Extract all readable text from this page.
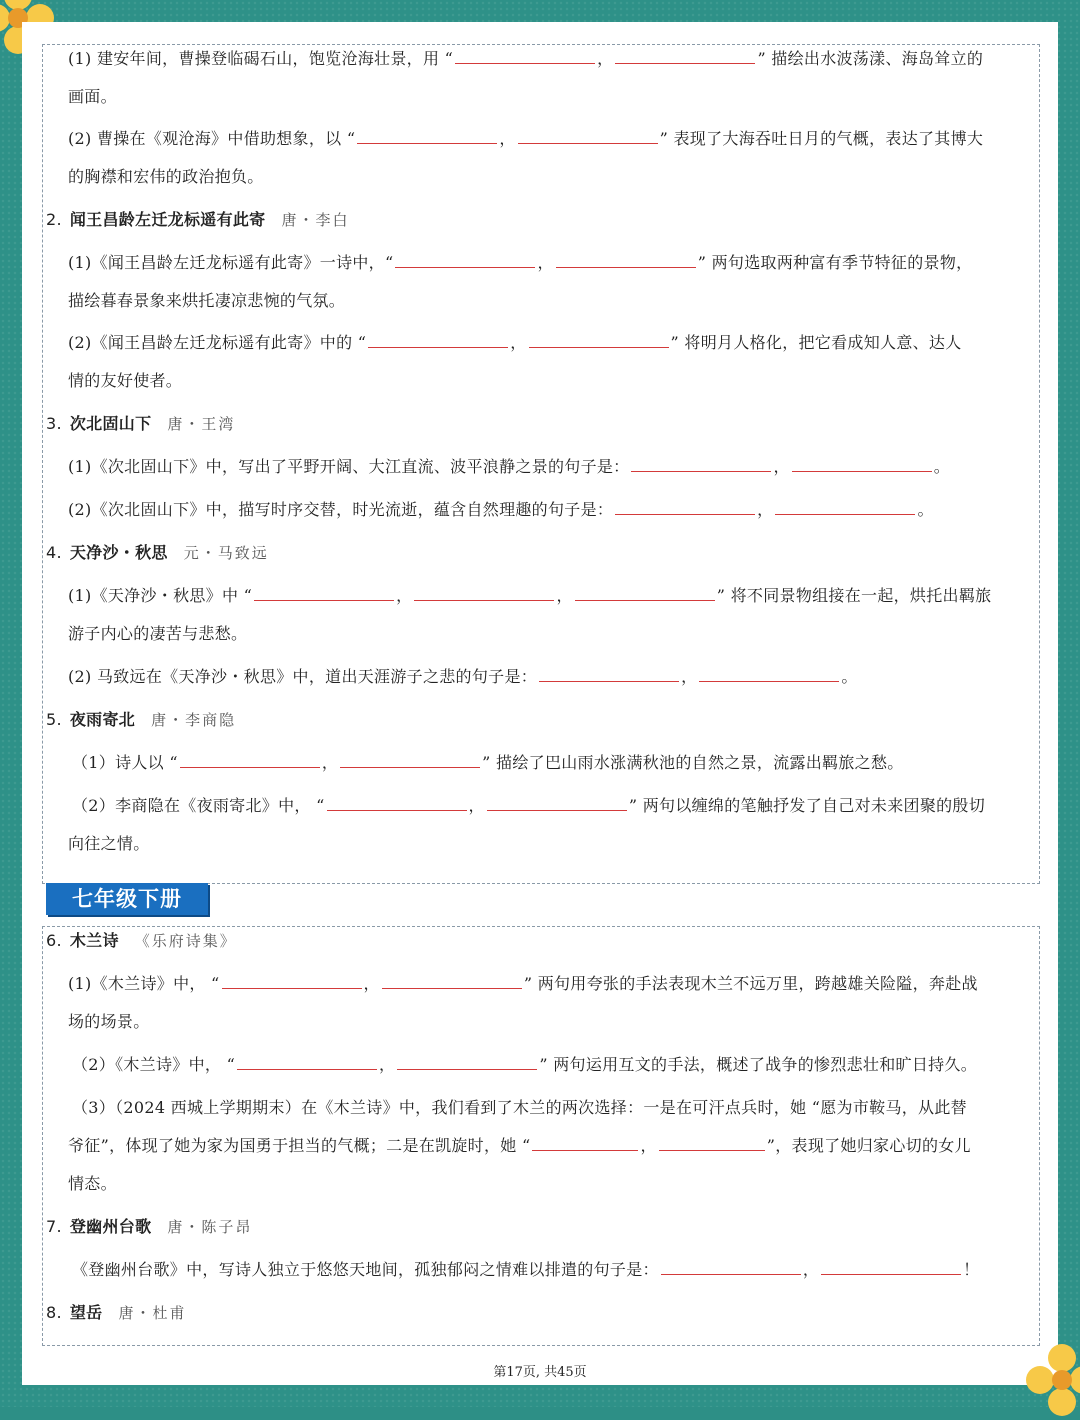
(1) 建安年间，曹操登临碣石山，饱览沧海壮景，用 “	，	” 描绘出水波荡漾、海岛耸立的
画面。
(2) 曹操在《观沧海》中借助想象，以 “	，	” 表现了大海吞吐日月的气概，表达了其博大
的胸襟和宏伟的政治抱负。
2. 闻王昌龄左迁龙标遥有此寄 唐・李白
(1)《闻王昌龄左迁龙标遥有此寄》一诗中，“	，	” 两句选取两种富有季节特征的景物，
描绘暮春景象来烘托凄凉悲惋的气氛。
(2)《闻王昌龄左迁龙标遥有此寄》中的 “	，	” 将明月人格化，把它看成知人意、达人
情的友好使者。
3. 次北固山下 唐・王湾
(1)《次北固山下》中，写出了平野开阔、大江直流、波平浪静之景的句子是：	，	。
(2)《次北固山下》中，描写时序交替，时光流逝，蕴含自然理趣的句子是：	，	。
4. 天净沙・秋思 元・马致远
(1)《天净沙・秋思》中 “	，	，	” 将不同景物组接在一起，烘托出羁旅
游子内心的凄苦与悲愁。
(2) 马致远在《天净沙・秋思》中，道出天涯游子之悲的句子是：	，	。
5. 夜雨寄北 唐・李商隐
（1）诗人以 “	，	” 描绘了巴山雨水涨满秋池的自然之景，流露出羁旅之愁。
（2）李商隐在《夜雨寄北》中， “	，	” 两句以缠绵的笔触抒发了自己对未来团聚的殷切
向往之情。
七年级下册
6. 木兰诗 《乐府诗集》
(1)《木兰诗》中， “	，	” 两句用夸张的手法表现木兰不远万里，跨越雄关险隘，奔赴战
场的场景。
（2）《木兰诗》中， “	，	” 两句运用互文的手法，概述了战争的惨烈悲壮和旷日持久。
（3）（2024 西城上学期期末）在《木兰诗》中，我们看到了木兰的两次选择：一是在可汗点兵时，她 “愿为市鞍马，从此替
爷征”，体现了她为家为国勇于担当的气概；二是在凯旋时，她 “	，	”，表现了她归家心切的女儿
情态。
7. 登幽州台歌 唐・陈子昂
《登幽州台歌》中，写诗人独立于悠悠天地间，孤独郁闷之情难以排遣的句子是：	，	！
8. 望岳 唐・杜甫
第17页, 共45页
